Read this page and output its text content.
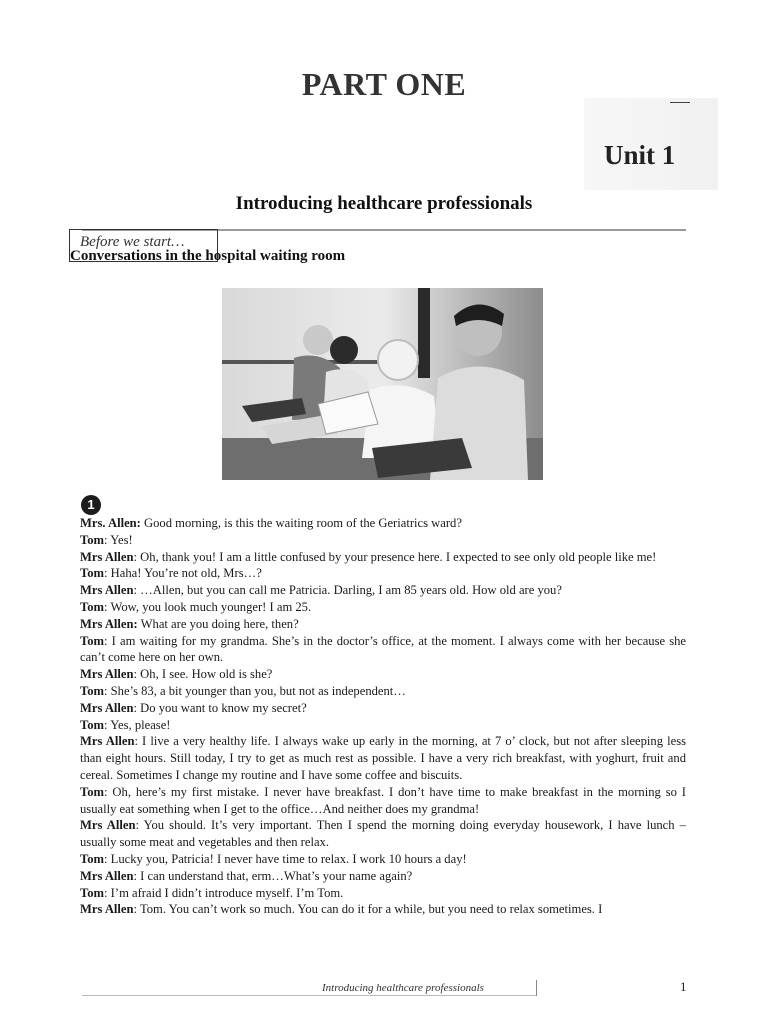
PART ONE
Unit 1
Introducing healthcare professionals
Before we start…
Conversations in the hospital waiting room
1

Mrs. Allen: Good morning, is this the waiting room of the Geriatrics ward?

Tom: Yes!

Mrs Allen: Oh, thank you! I am a little confused by your presence here. I expected to see only old people like me!

Tom: Haha! You’re not old, Mrs…?

Mrs Allen: …Allen, but you can call me Patricia. Darling, I am 85 years old. How old are you?

Tom: Wow, you look much younger! I am 25.

Mrs Allen: What are you doing here, then?

Tom: I am waiting for my grandma. She’s in the doctor’s office, at the moment. I always come with her because she can’t come here on her own.

Mrs Allen: Oh, I see. How old is she?

Tom: She’s 83, a bit younger than you, but not as independent…

Mrs Allen: Do you want to know my secret?

Tom: Yes, please!

Mrs Allen: I live a very healthy life. I always wake up early in the morning, at 7 o’ clock, but not after sleeping less than eight hours. Still today, I try to get as much rest as possible. I have a very rich breakfast, with yoghurt, fruit and cereal. Sometimes I change my routine and I have some coffee and biscuits.

Tom: Oh, here’s my first mistake. I never have breakfast. I don’t have time to make breakfast in the morning so I usually eat something when I get to the office…And neither does my grandma!

Mrs Allen: You should. It’s very important. Then I spend the morning doing everyday housework, I have lunch – usually some meat and vegetables and then relax.

Tom: Lucky you, Patricia! I never have time to relax. I work 10 hours a day!

Mrs Allen: I can understand that, erm…What’s your name again?

Tom: I’m afraid I didn’t introduce myself. I’m Tom.

Mrs Allen: Tom. You can’t work so much. You can do it for a while, but you need to relax sometimes. I

Introducing healthcare professionals	1
